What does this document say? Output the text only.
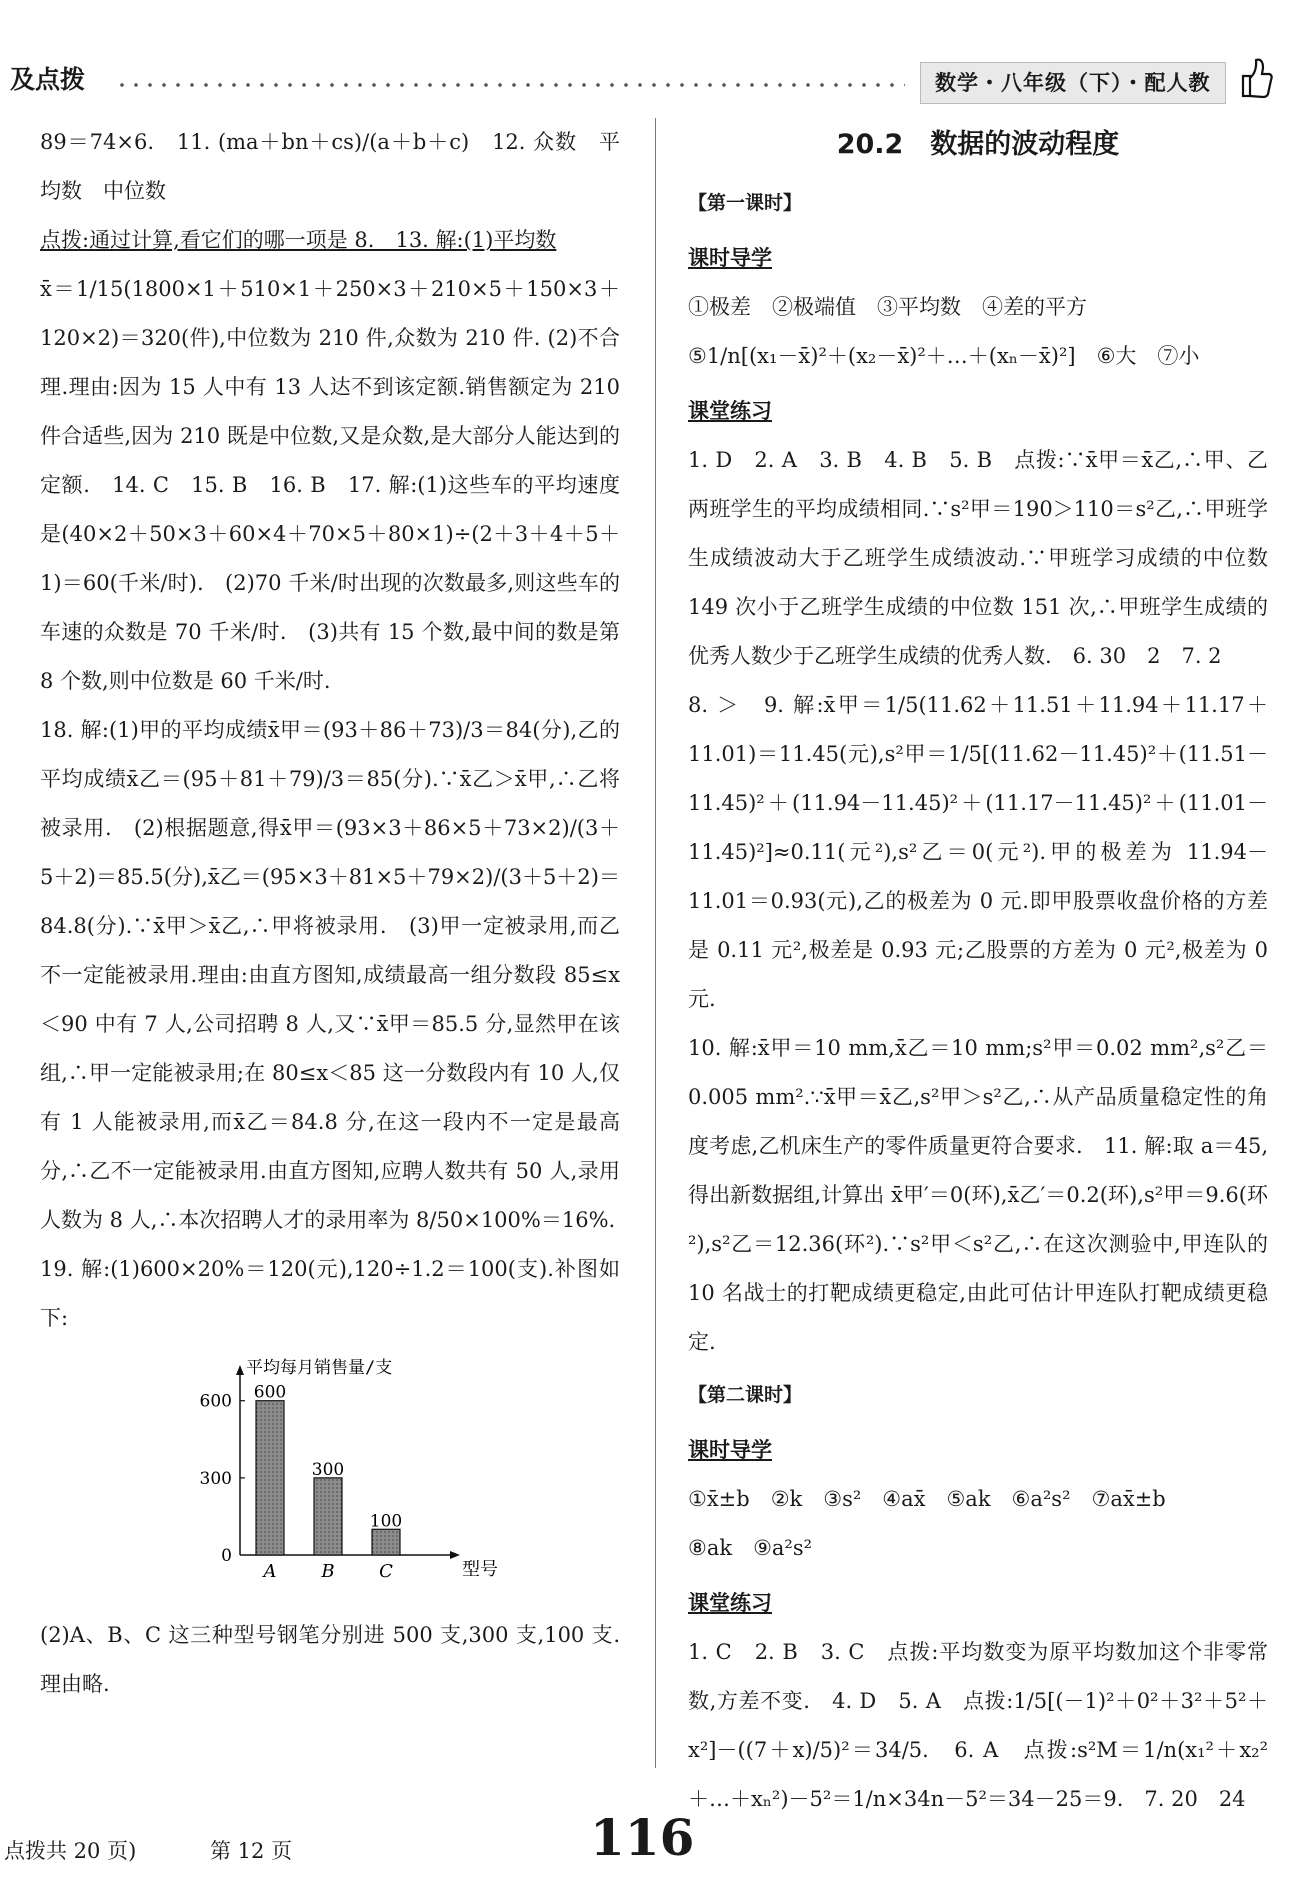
及点拨	数学・八年级（下）・配人教

89＝74×6.　11. (ma＋bn＋cs)/(a＋b＋c)　12. 众数　平均数　中位数

点拨:通过计算,看它们的哪一项是 8.　13. 解:(1)平均数

x̄＝1/15(1800×1＋510×1＋250×3＋210×5＋150×3＋120×2)＝320(件),中位数为 210 件,众数为 210 件. (2)不合理.理由:因为 15 人中有 13 人达不到该定额.销售额定为 210 件合适些,因为 210 既是中位数,又是众数,是大部分人能达到的定额.　14. C　15. B　16. B　17. 解:(1)这些车的平均速度是(40×2＋50×3＋60×4＋70×5＋80×1)÷(2＋3＋4＋5＋1)＝60(千米/时).　(2)70 千米/时出现的次数最多,则这些车的车速的众数是 70 千米/时.　(3)共有 15 个数,最中间的数是第 8 个数,则中位数是 60 千米/时.

18. 解:(1)甲的平均成绩x̄甲＝(93＋86＋73)/3＝84(分),乙的平均成绩x̄乙＝(95＋81＋79)/3＝85(分).∵x̄乙＞x̄甲,∴乙将被录用.　(2)根据题意,得x̄甲＝(93×3＋86×5＋73×2)/(3＋5＋2)＝85.5(分),x̄乙＝(95×3＋81×5＋79×2)/(3＋5＋2)＝84.8(分).∵x̄甲＞x̄乙,∴甲将被录用.　(3)甲一定被录用,而乙不一定能被录用.理由:由直方图知,成绩最高一组分数段 85≤x＜90 中有 7 人,公司招聘 8 人,又∵x̄甲＝85.5 分,显然甲在该组,∴甲一定能被录用;在 80≤x＜85 这一分数段内有 10 人,仅有 1 人能被录用,而x̄乙＝84.8 分,在这一段内不一定是最高分,∴乙不一定能被录用.由直方图知,应聘人数共有 50 人,录用人数为 8 人,∴本次招聘人才的录用率为 8/50×100%＝16%.

19. 解:(1)600×20%＝120(元),120÷1.2＝100(支).补图如下:

平均每月销售量/支
型号
0
300
600 600
A
300
B
100
C

(2)A、B、C 这三种型号钢笔分别进 500 支,300 支,100 支.理由略.

20.2　数据的波动程度
【第一课时】
课时导学

①极差　②极端值　③平均数　④差的平方

⑤1/n[(x₁－x̄)²＋(x₂－x̄)²＋…＋(xₙ－x̄)²]　⑥大　⑦小

课堂练习

1. D　2. A　3. B　4. B　5. B　点拨:∵x̄甲＝x̄乙,∴甲、乙两班学生的平均成绩相同.∵s²甲＝190＞110＝s²乙,∴甲班学生成绩波动大于乙班学生成绩波动.∵甲班学习成绩的中位数 149 次小于乙班学生成绩的中位数 151 次,∴甲班学生成绩的优秀人数少于乙班学生成绩的优秀人数.　6. 30　2　7. 2

8. ＞　9. 解:x̄甲＝1/5(11.62＋11.51＋11.94＋11.17＋11.01)＝11.45(元),s²甲＝1/5[(11.62－11.45)²＋(11.51－11.45)²＋(11.94－11.45)²＋(11.17－11.45)²＋(11.01－11.45)²]≈0.11(元²),s²乙＝0(元²).甲的极差为 11.94－11.01＝0.93(元),乙的极差为 0 元.即甲股票收盘价格的方差是 0.11 元²,极差是 0.93 元;乙股票的方差为 0 元²,极差为 0 元.

10. 解:x̄甲＝10 mm,x̄乙＝10 mm;s²甲＝0.02 mm²,s²乙＝0.005 mm².∵x̄甲＝x̄乙,s²甲＞s²乙,∴从产品质量稳定性的角度考虑,乙机床生产的零件质量更符合要求.　11. 解:取 a＝45,得出新数据组,计算出 x̄甲′＝0(环),x̄乙′＝0.2(环),s²甲＝9.6(环²),s²乙＝12.36(环²).∵s²甲＜s²乙,∴在这次测验中,甲连队的 10 名战士的打靶成绩更稳定,由此可估计甲连队打靶成绩更稳定.

【第二课时】
课时导学

①x̄±b　②k　③s²　④ax̄　⑤ak　⑥a²s²　⑦ax̄±b

⑧ak　⑨a²s²

课堂练习

1. C　2. B　3. C　点拨:平均数变为原平均数加这个非零常数,方差不变.　4. D　5. A　点拨:1/5[(－1)²＋0²＋3²＋5²＋x²]－((7＋x)/5)²＝34/5.　6. A　点拨:s²M＝1/n(x₁²＋x₂²＋…＋xₙ²)－5²＝1/n×34n－5²＝34－25＝9.　7. 20　24

点拨共 20 页)	第 12 页	116
